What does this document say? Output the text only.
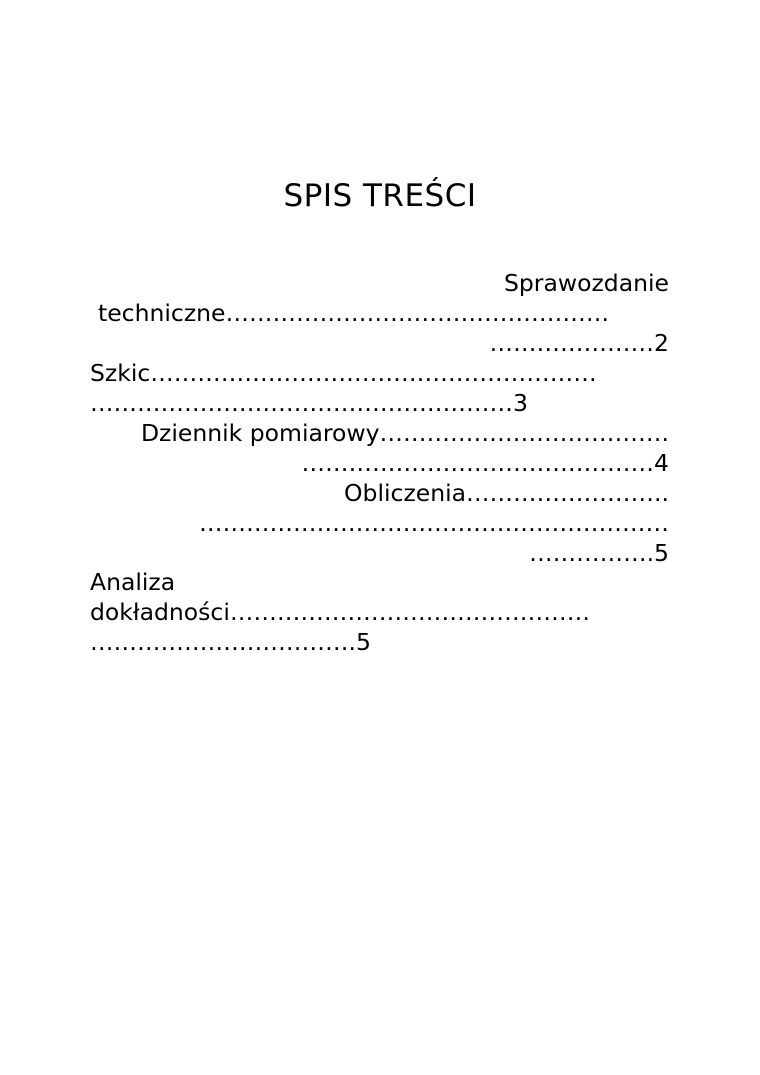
SPIS TREŚCI
Sprawozdanie
techniczne………………………………………….
…………………2
Szkic…………………………………………………
………………………………………………3
Dziennik pomiarowy……………………………….
………………………………………4
Obliczenia……………………..
……………………………………………………
…………….5
Analiza
dokładności……………………………………….
…………………………….5
